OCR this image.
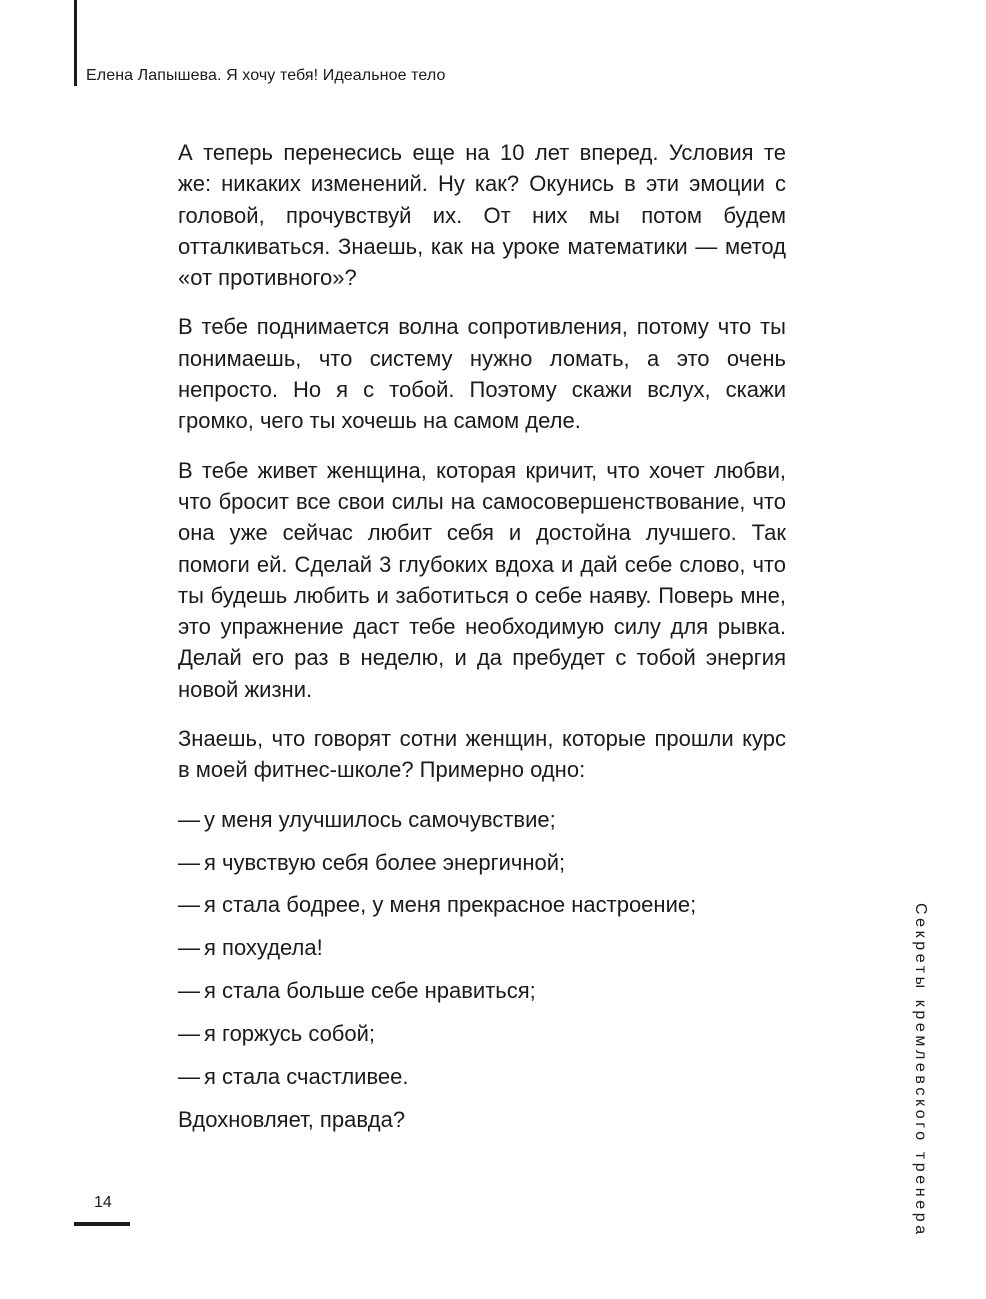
Елена Лапышева. Я хочу тебя! Идеальное тело

А теперь перенесись еще на 10 лет вперед. Условия те же: никаких изменений. Ну как? Окунись в эти эмоции с головой, прочувствуй их. От них мы потом будем отталкиваться. Знаешь, как на уроке математики — метод «от противного»?

В тебе поднимается волна сопротивления, потому что ты понимаешь, что систему нужно ломать, а это очень непросто. Но я с тобой. Поэтому скажи вслух, скажи громко, чего ты хочешь на самом деле.

В тебе живет женщина, которая кричит, что хочет любви, что бросит все свои силы на самосовершенствование, что она уже сейчас любит себя и достойна лучшего. Так помоги ей. Сделай 3 глубоких вдоха и дай себе слово, что ты будешь любить и заботиться о себе наяву. Поверь мне, это упражнение даст тебе необходимую силу для рывка. Делай его раз в неделю, и да пребудет с тобой энергия новой жизни.

Знаешь, что говорят сотни женщин, которые прошли курс в моей фитнес-школе? Примерно одно:

— у меня улучшилось самочувствие;
— я чувствую себя более энергичной;
— я стала бодрее, у меня прекрасное настроение;
— я похудела!
— я стала больше себе нравиться;
— я горжусь собой;
— я стала счастливее.

Вдохновляет, правда?	Секреты кремлевского тренера
14
